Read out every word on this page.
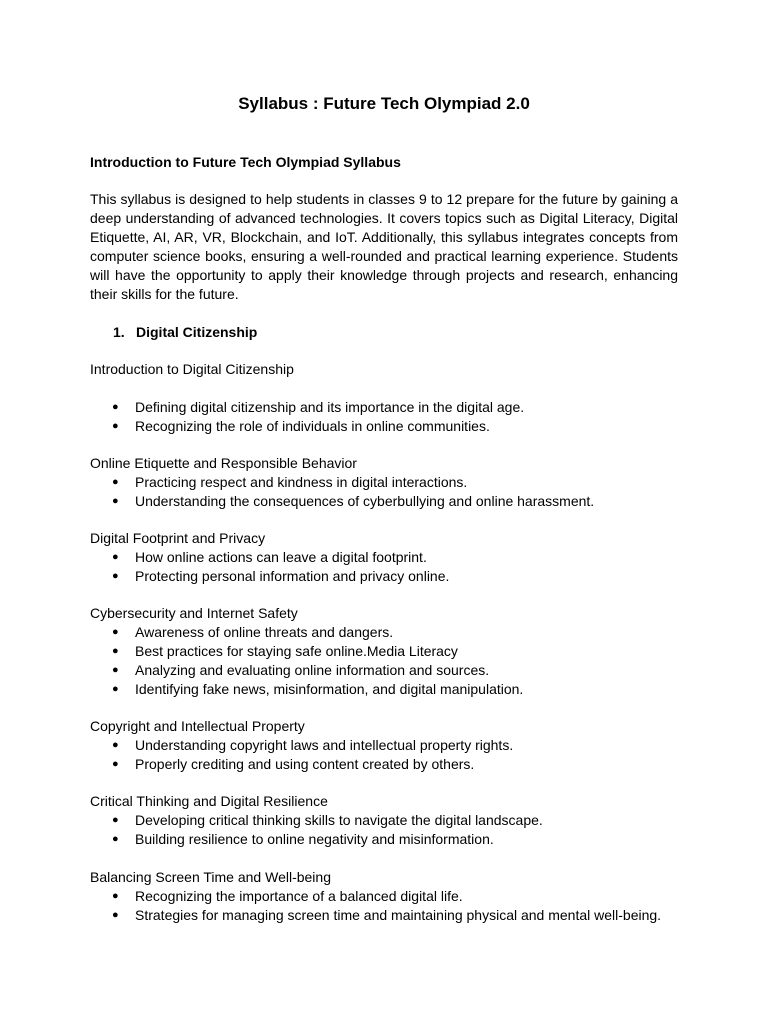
Syllabus : Future Tech Olympiad 2.0
Introduction to Future Tech Olympiad Syllabus
This syllabus is designed to help students in classes 9 to 12 prepare for the future by gaining a deep understanding of advanced technologies. It covers topics such as Digital Literacy, Digital Etiquette, AI, AR, VR, Blockchain, and IoT. Additionally, this syllabus integrates concepts from computer science books, ensuring a well-rounded and practical learning experience. Students will have the opportunity to apply their knowledge through projects and research, enhancing their skills for the future.
1. Digital Citizenship
Introduction to Digital Citizenship
● Defining digital citizenship and its importance in the digital age.
● Recognizing the role of individuals in online communities.
Online Etiquette and Responsible Behavior
● Practicing respect and kindness in digital interactions.
● Understanding the consequences of cyberbullying and online harassment.
Digital Footprint and Privacy
● How online actions can leave a digital footprint.
● Protecting personal information and privacy online.
Cybersecurity and Internet Safety
● Awareness of online threats and dangers.
● Best practices for staying safe online.Media Literacy
● Analyzing and evaluating online information and sources.
● Identifying fake news, misinformation, and digital manipulation.
Copyright and Intellectual Property
● Understanding copyright laws and intellectual property rights.
● Properly crediting and using content created by others.
Critical Thinking and Digital Resilience
● Developing critical thinking skills to navigate the digital landscape.
● Building resilience to online negativity and misinformation.
Balancing Screen Time and Well-being
● Recognizing the importance of a balanced digital life.
● Strategies for managing screen time and maintaining physical and mental well-being.
